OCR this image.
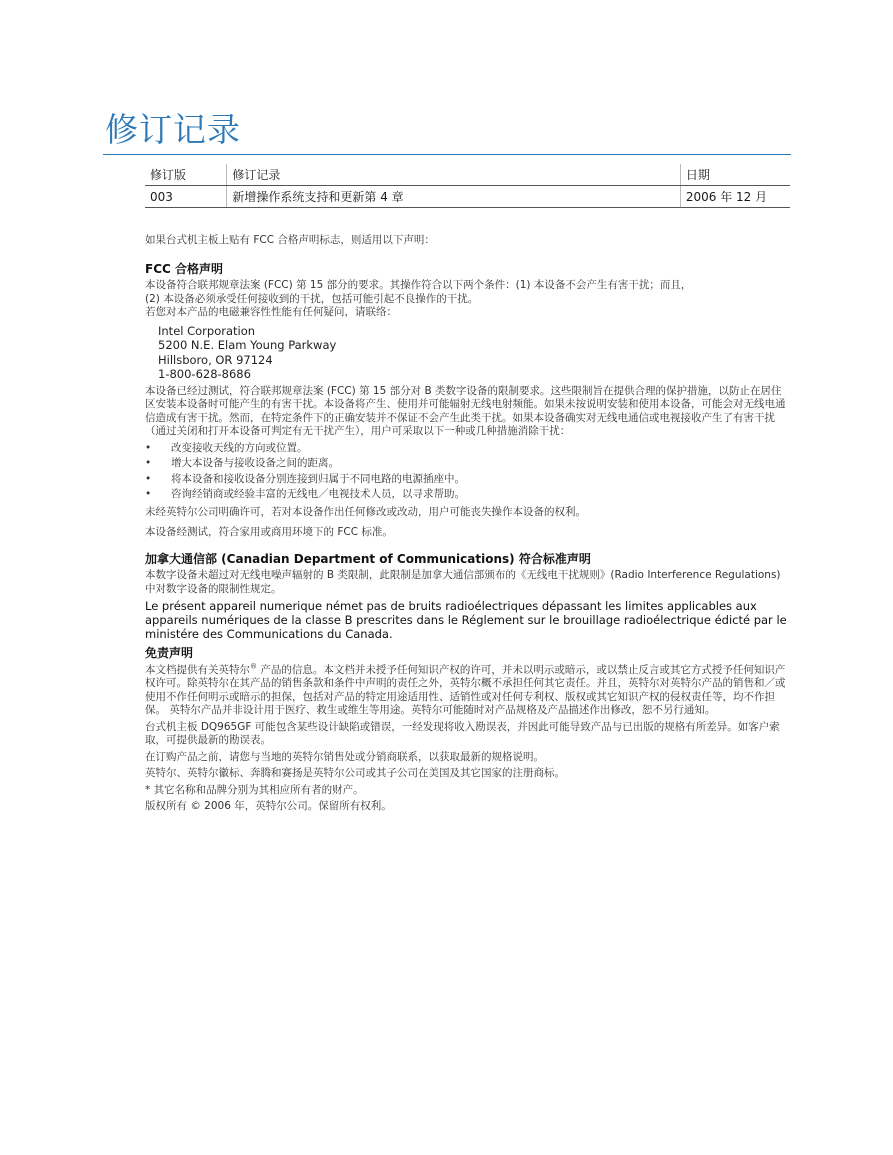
修订记录
修订版	修订记录	日期
003	新增操作系统支持和更新第 4 章	2006 年 12 月

如果台式机主板上贴有 FCC 合格声明标志，则适用以下声明：

FCC 合格声明

本设备符合联邦规章法案 (FCC) 第 15 部分的要求。其操作符合以下两个条件：(1) 本设备不会产生有害干扰；而且，

(2) 本设备必须承受任何接收到的干扰，包括可能引起不良操作的干扰。

若您对本产品的电磁兼容性性能有任何疑问，请联络：

Intel Corporation
5200 N.E. Elam Young Parkway
Hillsboro, OR 97124
1-800-628-8686

本设备已经过测试，符合联邦规章法案 (FCC) 第 15 部分对 B 类数字设备的限制要求。这些限制旨在提供合理的保护措施，以防止在居住区安装本设备时可能产生的有害干扰。本设备将产生、使用并可能辐射无线电射频能。如果未按说明安装和使用本设备，可能会对无线电通信造成有害干扰。然而，在特定条件下的正确安装并不保证不会产生此类干扰。如果本设备确实对无线电通信或电视接收产生了有害干扰（通过关闭和打开本设备可判定有无干扰产生），用户可采取以下一种或几种措施消除干扰：

• 改变接收天线的方向或位置。
• 增大本设备与接收设备之间的距离。
• 将本设备和接收设备分别连接到归属于不同电路的电源插座中。
• 咨询经销商或经验丰富的无线电／电视技术人员，以寻求帮助。

未经英特尔公司明确许可，若对本设备作出任何修改或改动，用户可能丧失操作本设备的权利。

本设备经测试，符合家用或商用环境下的 FCC 标准。

加拿大通信部 (Canadian Department of Communications) 符合标准声明

本数字设备未超过对无线电噪声辐射的 B 类限制，此限制是加拿大通信部颁布的《无线电干扰规则》(Radio Interference Regulations) 中对数字设备的限制性规定。

Le présent appareil numerique német pas de bruits radioélectriques dépassant les limites applicables aux appareils numériques de la classe B prescrites dans le Réglement sur le brouillage radioélectrique édicté par le ministére des Communications du Canada.

免责声明

本文档提供有关英特尔® 产品的信息。本文档并未授予任何知识产权的许可，并未以明示或暗示，或以禁止反言或其它方式授予任何知识产权许可。除英特尔在其产品的销售条款和条件中声明的责任之外，英特尔概不承担任何其它责任。并且，英特尔对英特尔产品的销售和／或使用不作任何明示或暗示的担保，包括对产品的特定用途适用性、适销性或对任何专利权、版权或其它知识产权的侵权责任等，均不作担保。 英特尔产品并非设计用于医疗、救生或维生等用途。英特尔可能随时对产品规格及产品描述作出修改，恕不另行通知。

台式机主板 DQ965GF 可能包含某些设计缺陷或错误，一经发现将收入勘误表，并因此可能导致产品与已出版的规格有所差异。如客户索取，可提供最新的勘误表。

在订购产品之前，请您与当地的英特尔销售处或分销商联系，以获取最新的规格说明。

英特尔、英特尔徽标、奔腾和赛扬是英特尔公司或其子公司在美国及其它国家的注册商标。

* 其它名称和品牌分别为其相应所有者的财产。

版权所有 © 2006 年，英特尔公司。保留所有权利。
